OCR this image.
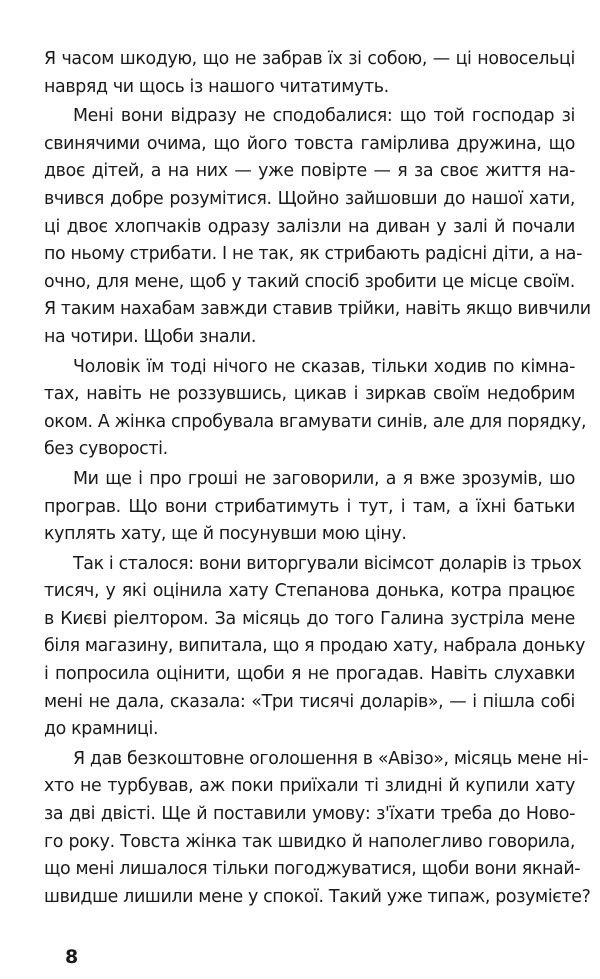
Я часом шкодую, що не забрав їх зі собою, — ці новосельці
навряд чи щось із нашого читатимуть.
Мені вони відразу не сподобалися: що той господар зі
свинячими очима, що його товста гамірлива дружина, що
двоє дітей, а на них — уже повірте — я за своє життя на-
вчився добре розумітися. Щойно зайшовши до нашої хати,
ці двоє хлопчаків одразу залізли на диван у залі й почали
по ньому стрибати. І не так, як стрибають радісні діти, а на-
очно, для мене, щоб у такий спосіб зробити це місце своїм.
Я таким нахабам завжди ставив трійки, навіть якщо вивчили
на чотири. Щоби знали.
Чоловік їм тоді нічого не сказав, тільки ходив по кімна-
тах, навіть не роззувшись, цикав і зиркав своїм недобрим
оком. А жінка спробувала вгамувати синів, але для порядку,
без суворості.
Ми ще і про гроші не заговорили, а я вже зрозумів, шо
програв. Що вони стрибатимуть і тут, і там, а їхні батьки
куплять хату, ще й посунувши мою ціну.
Так і сталося: вони виторгували вісімсот доларів із трьох
тисяч, у які оцінила хату Степанова донька, котра працює
в Києві ріелтором. За місяць до того Галина зустріла мене
біля магазину, випитала, що я продаю хату, набрала доньку
і попросила оцінити, щоби я не прогадав. Навіть слухавки
мені не дала, сказала: «Три тисячі доларів», — і пішла собі
до крамниці.
Я дав безкоштовне оголошення в «Авізо», місяць мене ні-
хто не турбував, аж поки приїхали ті злидні й купили хату
за дві двісті. Ще й поставили умову: з'їхати треба до Ново-
го року. Товста жінка так швидко й наполегливо говорила,
що мені лишалося тільки погоджуватися, щоби вони якнай-
швидше лишили мене у спокої. Такий уже типаж, розумієте?
8
